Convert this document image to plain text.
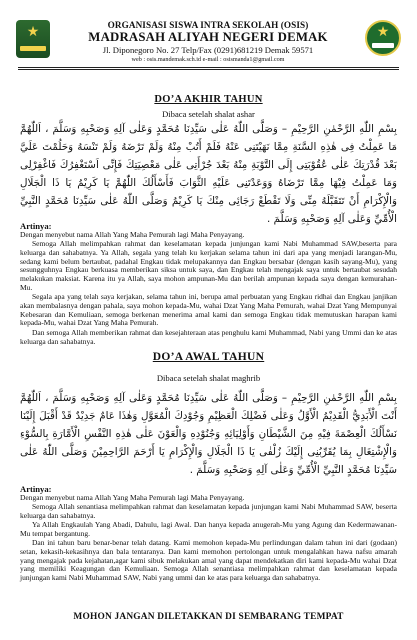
★	★
ORGANISASI SISWA INTRA SEKOLAH (OSIS)
MADRASAH ALIYAH NEGERI DEMAK
Jl. Diponegoro No. 27 Telp/Fax (0291)681219 Demak 59571
web : osis.mandemak.sch.id e-mail : osismanda1@gmail.com
DO’A AKHIR TAHUN
Dibaca setelah shalat ashar

بِسْمِ اللّٰهِ الرَّحْمٰنِ الرَّحِيْمِ – وَصَلَّى اللّٰهُ عَلٰى سَيِّدِنَا مُحَمَّدٍ وَعَلٰى آلِهِ وَصَحْبِهِ وَسَلَّمَ ، اَللّٰهُمَّ مَا عَمِلْتُ فِى هٰذِهِ السَّنَةِ مِمَّا نَهَيْتَنِى عَنْهُ فَلَمْ أَتُبْ مِنْهُ وَلَمْ تَرْضَهُ وَلَمْ تَنْسَهُ وَحَلُمْتَ عَلَيَّ بَعْدَ قُدْرَتِكَ عَلٰى عُقُوْبَتِى إِلَى التَّوْبَةِ مِنْهُ بَعْدَ جُرْأَتِى عَلٰى مَعْصِيَتِكَ فَإِنِّى اَسْتَغْفِرُكَ فَاغْفِرْلِى وَمَا عَمِلْتُ فِيْهَا مِمَّا تَرْضَاهُ وَوَعَدْتَنِى عَلَيْهِ الثَّوَابَ فَأَسْأَلُكَ اللّٰهُمَّ يَا كَرِيْمُ يَا ذَا الْجَلَالِ وَالْإِكْرَامِ أَنْ تَتَقَبَّلَهُ مِنِّى وَلَا تَقْطَعْ رَجَائِى مِنْكَ يَا كَرِيْمُ وَصَلَّى اللّٰهُ عَلٰى سَيِّدِنَا مُحَمَّدٍ النَّبِيِّ الْأُمِّيِّ وَعَلٰى آلِهِ وَصَحْبِهِ وَسَلَّمَ .

Artinya:
Dengan menyebut nama Allah Yang Maha Pemurah lagi Maha Penyayang.
Semoga Allah melimpahkan rahmat dan keselamatan kepada junjungan kami Nabi Muhammad SAW,beserta para keluarga dan sahabatnya. Ya Allah, segala yang telah ku kerjakan selama tahun ini dari apa yang menjadi larangan-Mu, sedang kami belum bertaubat, padahal Engkau tidak melupakannya dan Engkau bersabar (dengan kasih sayang-Mu), yang sesungguhnya Engkau berkuasa memberikan siksa untuk saya, dan Engkau telah mengajak saya untuk bertaubat sesudah melakukan maksiat. Karena itu ya Allah, saya mohon ampunan-Mu dan berilah ampunan kepada saya dengan kemurahan-Mu.
Segala apa yang telah saya kerjakan, selama tahun ini, berupa amal perbuatan yang Engkau ridhai dan Engkau janjikan akan membalasnya dengan pahala, saya mohon kepada-Mu, wahai Dzat Yang Maha Pemurah, wahai Dzat Yang Mempunyai Kebesaran dan Kemuliaan, semoga berkenan menerima amal kami dan semoga Engkau tidak memutuskan harapan kami kepada-Mu, wahai Dzat Yang Maha Pemurah.
Dan semoga Allah memberikan rahmat dan kesejahteraan atas penghulu kami Muhammad, Nabi yang Ummi dan ke atas keluarga dan sahabatnya.
DO’A AWAL TAHUN
Dibaca setelah shalat maghrib

بِسْمِ اللّٰهِ الرَّحْمٰنِ الرَّحِيْمِ – وَصَلَّى اللّٰهُ عَلٰى سَيِّدِنَا مُحَمَّدٍ وَعَلٰى آلِهِ وَصَحْبِهِ وَسَلَّمَ ، اَللّٰهُمَّ أَنْتَ الْأَبَدِيُّ الْقَدِيْمُ الْأَوَّلُ وَعَلٰى فَضْلِكَ الْعَظِيْمِ وَجُوْدِكَ الْمُعَوَّلِ وَهٰذَا عَامٌ جَدِيْدٌ قَدْ أَقْبَلَ إِلَيْنَا نَسْأَلُكَ الْعِصْمَةَ فِيْهِ مِنَ الشَّيْطَانِ وَأَوْلِيَائِهِ وَجُنُوْدِهِ وَالْعَوْنَ عَلٰى هٰذِهِ النَّفْسِ الْأَمَّارَةِ بِالسُّوْءِ وَالْإِشْتِغَالِ بِمَا يُقَرِّبُنِى إِلَيْكَ زُلْفٰى يَا ذَا الْجَلَالِ وَالْإِكْرَامِ يَا أَرْحَمَ الرَّاحِمِيْنَ وَصَلَّى اللّٰهُ عَلٰى سَيِّدِنَا مُحَمَّدٍ النَّبِيِّ الْأُمِّيِّ وَعَلٰى آلِهِ وَصَحْبِهِ وَسَلَّمَ .

Artinya:
Dengan menyebut nama Allah Yang Maha Pemurah lagi Maha Penyayang.
Semoga Allah senantiasa melimpahkan rahmat dan keselamatan kepada junjungan kami Nabi Muhammad SAW, beserta keluarga dan sahabatnya.
Ya Allah Engkaulah Yang Abadi, Dahulu, lagi Awal. Dan hanya kepada anugerah-Mu yang Agung dan Kedermawanan-Mu tempat bergantung.
Dan ini tahun baru benar-benar telah datang. Kami memohon kepada-Mu perlindungan dalam tahun ini dari (godaan) setan, kekasih-kekasihnya dan bala tentaranya. Dan kami memohon pertolongan untuk mengalahkan hawa nafsu amarah yang mengajak pada kejahatan,agar kami sibuk melakukan amal yang dapat mendekatkan diri kami kepada-Mu wahai Dzat yang memiliki Keagungan dan Kemuliaan. Semoga Allah senantiasa melimpahkan rahmat dan keselamatan kepada junjungan kami Nabi Muhammad SAW, Nabi yang ummi dan ke atas para keluarga dan sahabatnya.
MOHON JANGAN DILETAKKAN DI SEMBARANG TEMPAT
